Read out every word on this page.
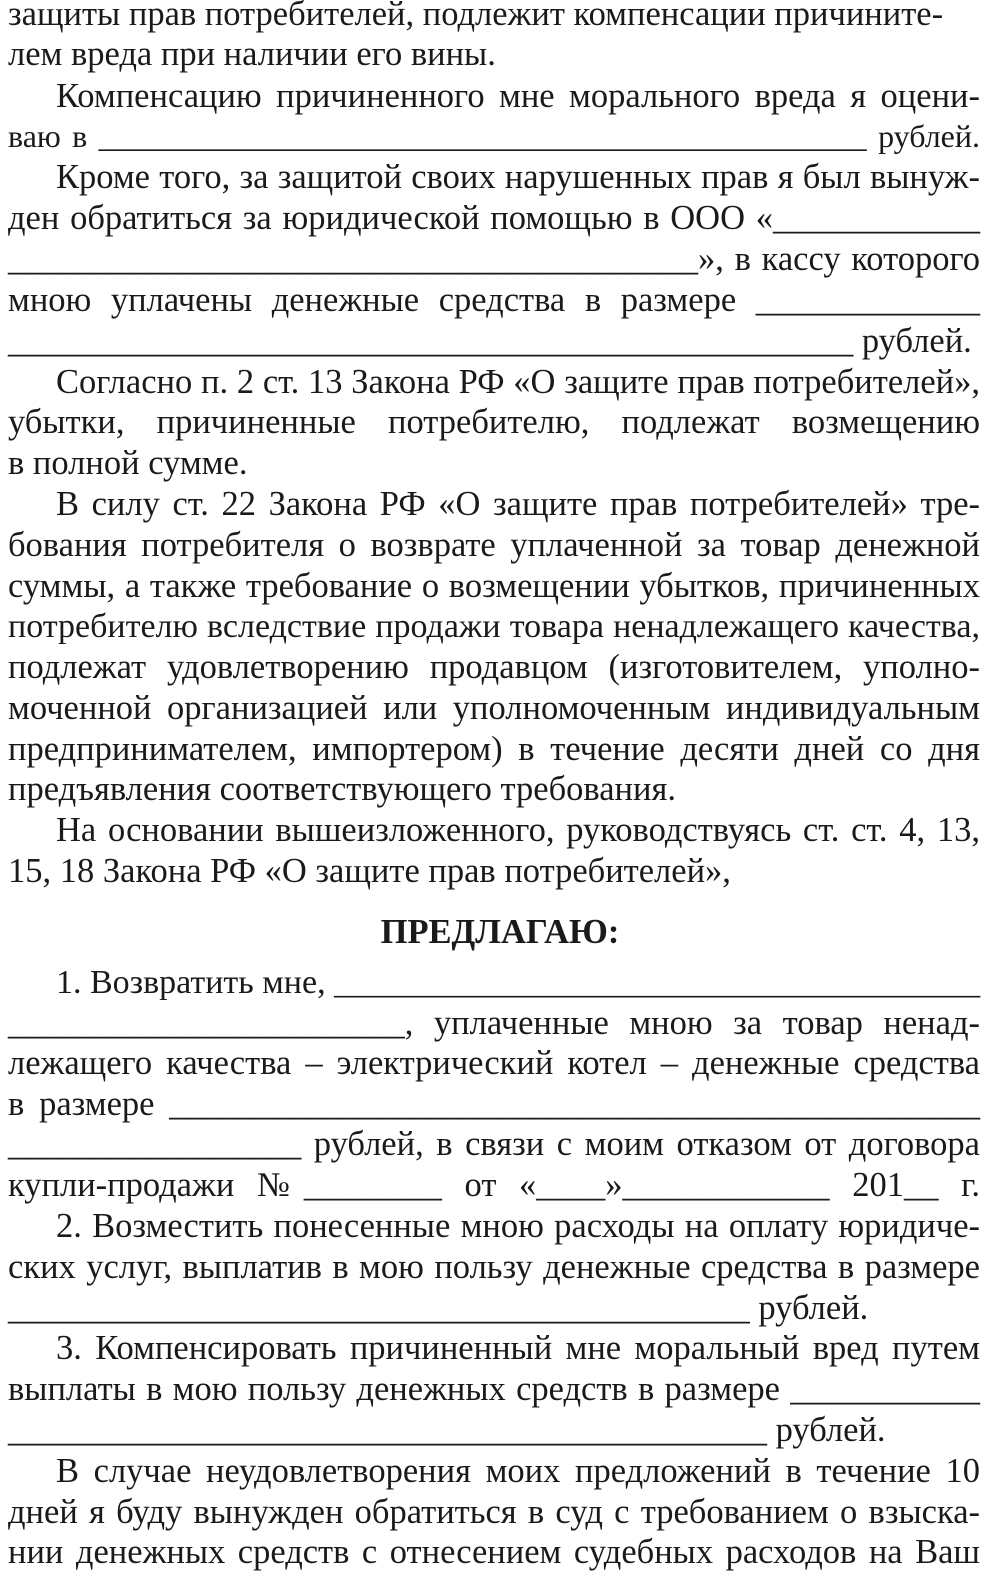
защиты прав потребителей, подлежит компенсации причините-
лем вреда при наличии его вины.
Компенсацию причиненного мне морального вреда я оцени-
ваю в ________________________________________________ рублей.
Кроме того, за защитой своих нарушенных прав я был вынуж-
ден обратиться за юридической помощью в ООО «____________
________________________________________», в кассу которого
мною уплачены денежные средства в размере _____________
_________________________________________________ рублей.
Согласно п. 2 ст. 13 Закона РФ «О защите прав потребителей»,
убытки, причиненные потребителю, подлежат возмещению
в полной сумме.
В силу ст. 22 Закона РФ «О защите прав потребителей» тре-
бования потребителя о возврате уплаченной за товар денежной
суммы, а также требование о возмещении убытков, причиненных
потребителю вследствие продажи товара ненадлежащего качества,
подлежат удовлетворению продавцом (изготовителем, уполно-
моченной организацией или уполномоченным индивидуальным
предпринимателем, импортером) в течение десяти дней со дня
предъявления соответствующего требования.
На основании вышеизложенного, руководствуясь ст. ст. 4, 13,
15, 18 Закона РФ «О защите прав потребителей»,
ПРЕДЛАГАЮ:
1. Возвратить мне, ______________________________________
_______________________, уплаченные мною за товар ненад-
лежащего качества – электрический котел – денежные средства
в размере _______________________________________________
_________________ рублей, в связи с моим отказом от договора
купли-продажи №________ от «____»____________ 201__ г.
2. Возместить понесенные мною расходы на оплату юридиче-
ских услуг, выплатив в мою пользу денежные средства в размере
___________________________________________ рублей.
3. Компенсировать причиненный мне моральный вред путем
выплаты в мою пользу денежных средств в размере ___________
____________________________________________ рублей.
В случае неудовлетворения моих предложений в течение 10
дней я буду вынужден обратиться в суд с требованием о взыска-
нии денежных средств с отнесением судебных расходов на Ваш
